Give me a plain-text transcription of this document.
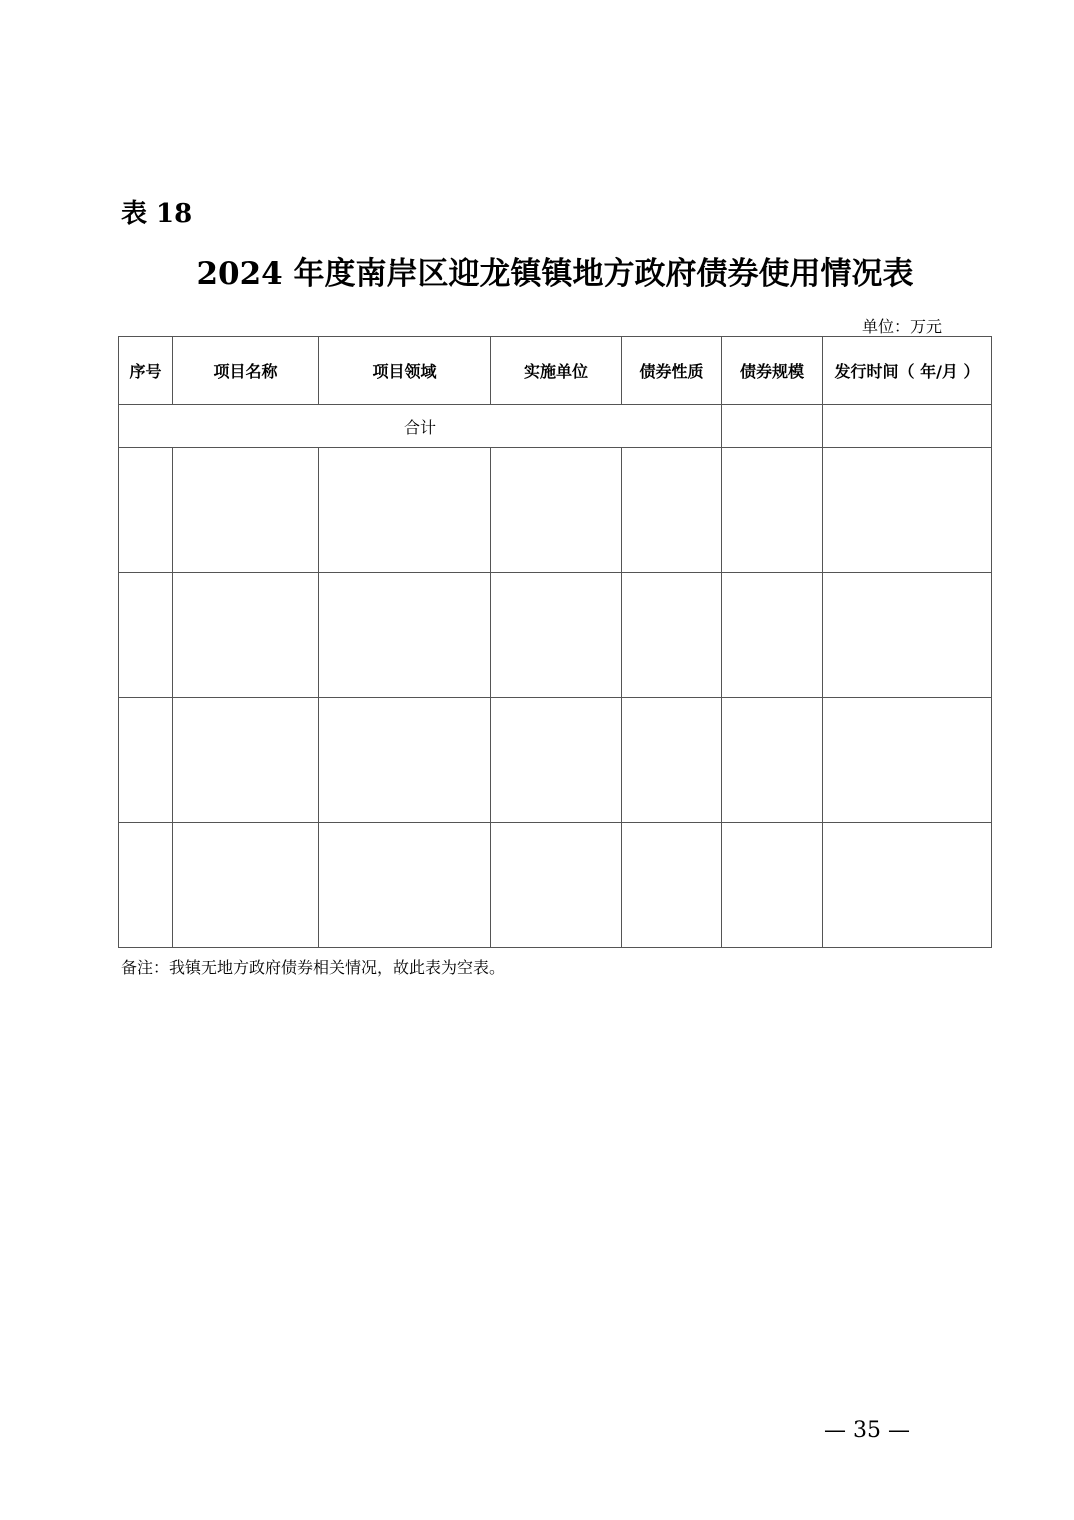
表 18
2024 年度南岸区迎龙镇镇地方政府债券使用情况表
单位：万元
序号	项目名称	项目领域	实施单位	债券性质	债券规模	发行时间（ 年/月 ）
合计						

备注：我镇无地方政府债券相关情况，故此表为空表。
— 35 —
